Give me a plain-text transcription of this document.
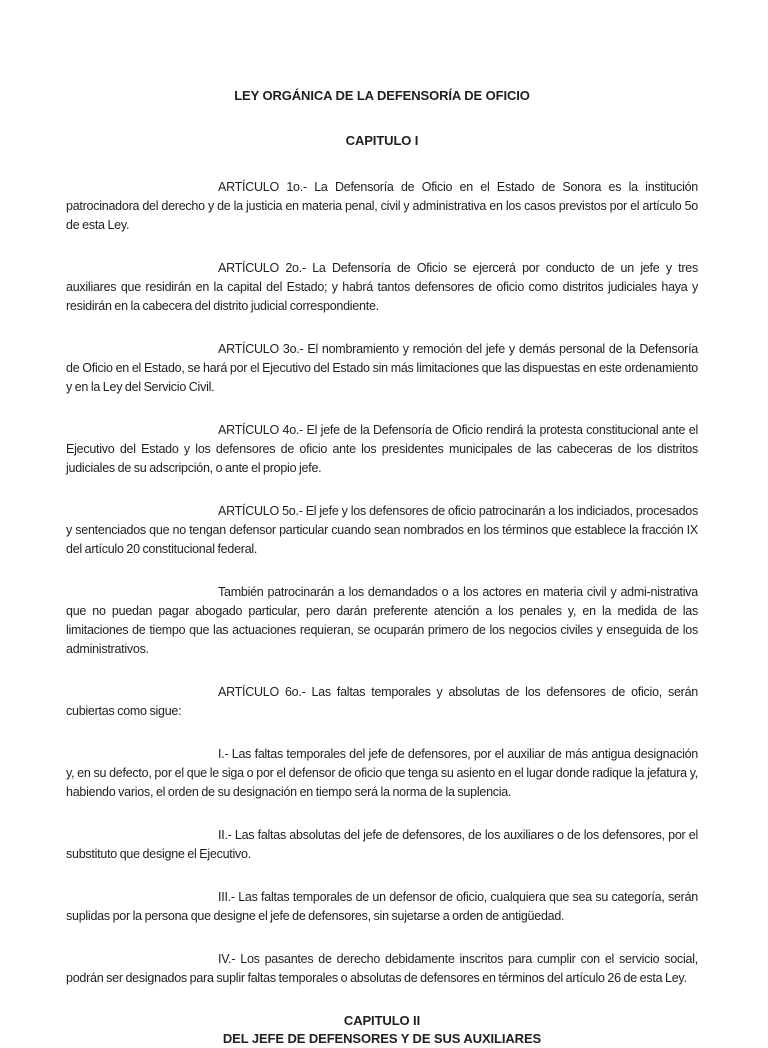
LEY ORGÁNICA DE LA DEFENSORÍA DE OFICIO
CAPITULO I

ARTÍCULO 1o.- La Defensoría de Oficio en el Estado de Sonora es la institución patrocinadora del derecho y de la justicia en materia penal, civil y administrativa en los casos previstos por el artículo 5o de esta Ley.

ARTÍCULO 2o.- La Defensoría de Oficio se ejercerá por conducto de un jefe y tres auxiliares que residirán en la capital del Estado; y habrá tantos defensores de oficio como distritos judiciales haya y residirán en la cabecera del distrito judicial correspondiente.

ARTÍCULO 3o.- El nombramiento y remoción del jefe y demás personal de la Defensoría de Oficio en el Estado, se hará por el Ejecutivo del Estado sin más limitaciones que las dispuestas en este ordenamiento y en la Ley del Servicio Civil.

ARTÍCULO 4o.- El jefe de la Defensoría de Oficio rendirá la protesta constitucional ante el Ejecutivo del Estado y los defensores de oficio ante los presidentes municipales de las cabeceras de los distritos judiciales de su adscripción, o ante el propio jefe.

ARTÍCULO 5o.- El jefe y los defensores de oficio patrocinarán a los indiciados, procesados y sentenciados que no tengan defensor particular cuando sean nombrados en los términos que establece la fracción IX del artículo 20 constitucional federal.

También patrocinarán a los demandados o a los actores en materia civil y admi-nistrativa que no puedan pagar abogado particular, pero darán preferente atención a los penales y, en la medida de las limitaciones de tiempo que las actuaciones requieran, se ocuparán primero de los negocios civiles y enseguida de los administrativos.

ARTÍCULO 6o.- Las faltas temporales y absolutas de los defensores de oficio, serán cubiertas como sigue:

I.- Las faltas temporales del jefe de defensores, por el auxiliar de más antigua designación y, en su defecto, por el que le siga o por el defensor de oficio que tenga su asiento en el lugar donde radique la jefatura y, habiendo varios, el orden de su designación en tiempo será la norma de la suplencia.

II.- Las faltas absolutas del jefe de defensores, de los auxiliares o de los defensores, por el substituto que designe el Ejecutivo.

III.- Las faltas temporales de un defensor de oficio, cualquiera que sea su categoría, serán suplidas por la persona que designe el jefe de defensores, sin sujetarse a orden de antigüedad.

IV.- Los pasantes de derecho debidamente inscritos para cumplir con el servicio social, podrán ser designados para suplir faltas temporales o absolutas de defensores en términos del artículo 26 de esta Ley.

CAPITULO II
DEL JEFE DE DEFENSORES Y DE SUS AUXILIARES
